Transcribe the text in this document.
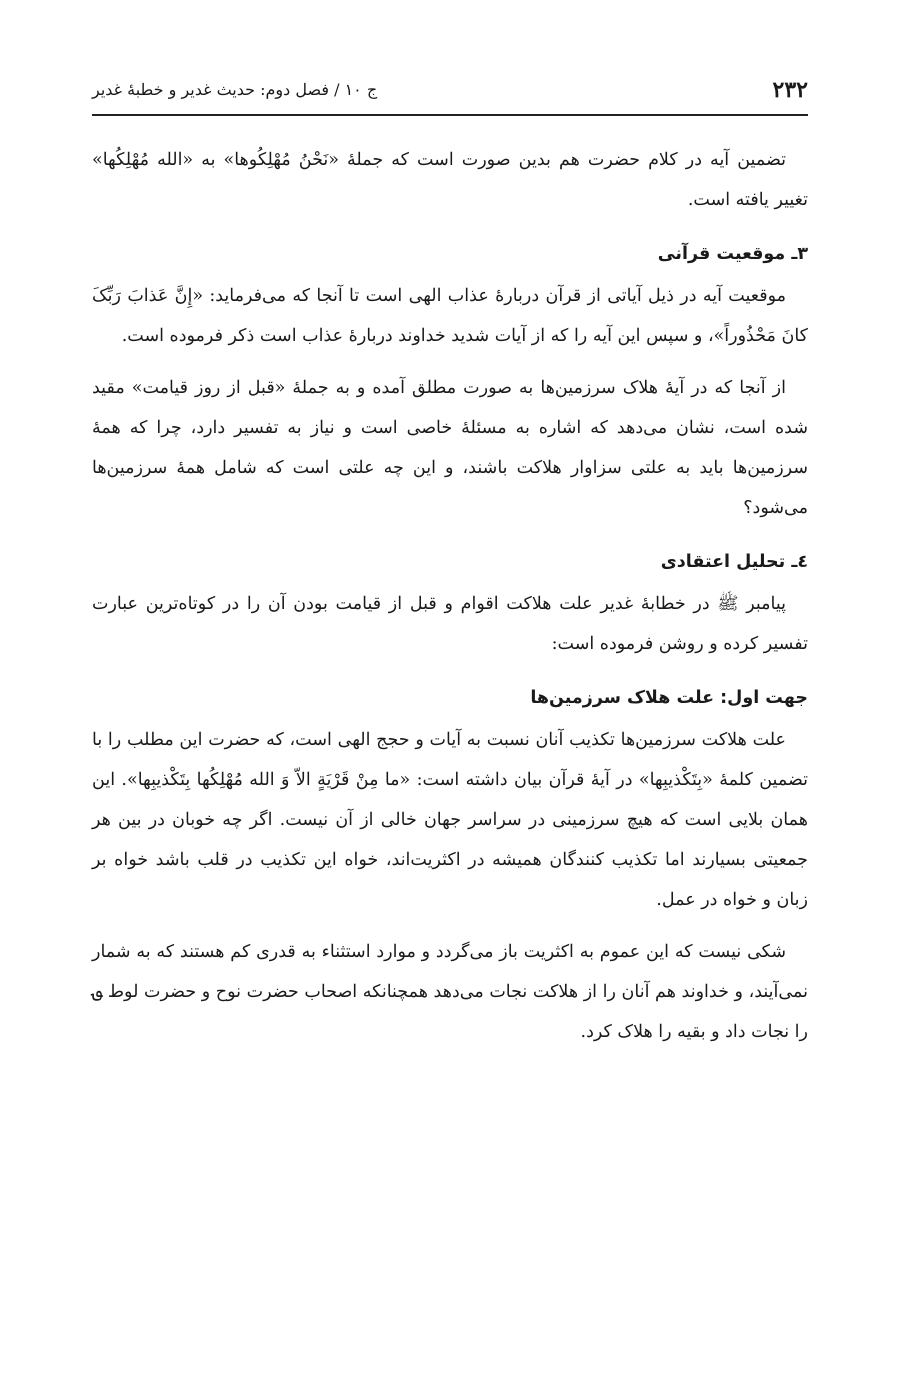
۲۳۲
ج ۱۰ / فصل دوم: حدیث غدیر و خطبهٔ غدیر

تضمین آیه در کلام حضرت هم بدین صورت است که جملهٔ «نَحْنُ مُهْلِکُوها» به «الله مُهْلِکُها» تغییر یافته است.

۳ـ موقعیت قرآنی

موقعیت آیه در ذیل آیاتی از قرآن دربارهٔ عذاب الهی است تا آنجا که می‌فرماید: «إِنَّ عَذابَ رَبِّکَ کانَ مَحْذُوراً»، و سپس این آیه را که از آیات شدید خداوند دربارهٔ عذاب است ذکر فرموده است.

از آنجا که در آیهٔ هلاک سرزمین‌ها به صورت مطلق آمده و به جملهٔ «قبل از روز قیامت» مقید شده است، نشان می‌دهد که اشاره به مسئلهٔ خاصی است و نیاز به تفسیر دارد، چرا که همهٔ سرزمین‌ها باید به علتی سزاوار هلاکت باشند، و این چه علتی است که شامل همهٔ سرزمین‌ها می‌شود؟

٤ـ تحلیل اعتقادی

پیامبر ﷺ در خطابهٔ غدیر علت هلاکت اقوام و قبل از قیامت بودن آن را در کوتاه‌ترین عبارت تفسیر کرده و روشن فرموده است:

جهت اول: علت هلاک سرزمین‌ها

علت هلاکت سرزمین‌ها تکذیب آنان نسبت به آیات و حجج الهی است، که حضرت این مطلب را با تضمین کلمهٔ «بِتَکْذیبِها» در آیهٔ قرآن بیان داشته است: «ما مِنْ قَرْیَةٍ الاّ وَ الله مُهْلِکُها بِتَکْذیبِها». این همان بلایی است که هیچ سرزمینی در سراسر جهان خالی از آن نیست. اگر چه خوبان در بین هر جمعیتی بسیارند اما تکذیب کنندگان همیشه در اکثریت‌اند، خواه این تکذیب در قلب باشد خواه بر زبان و خواه در عمل.

شکی نیست که این عموم به اکثریت باز می‌گردد و موارد استثناء به قدری کم هستند که به شمار نمی‌آیند، و خداوند هم آنان را از هلاکت نجات می‌دهد همچنانکه اصحاب حضرت نوح و حضرت لوط ؈ را نجات داد و بقیه را هلاک کرد.
